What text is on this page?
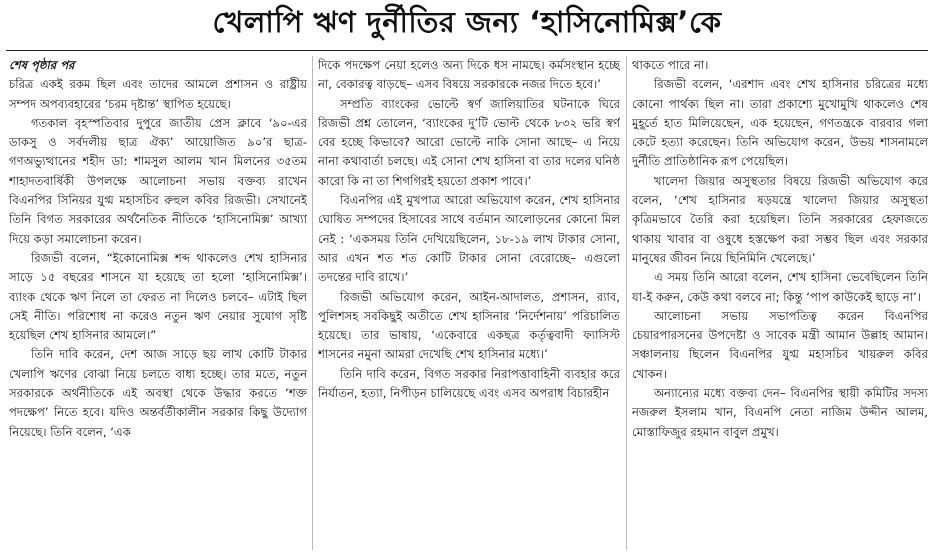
খেলাপি ঋণ দুর্নীতির জন্য ‘হাসিনোমিক্স’কে
শেষ পৃষ্ঠার পর

চরিত্র একই রকম ছিল এবং তাদের আমলে প্রশাসন ও রাষ্ট্রীয় সম্পদ অপব্যবহারের ‘চরম দৃষ্টান্ত’ স্থাপিত হয়েছে।

গতকাল বৃহস্পতিবার দুপুরে জাতীয় প্রেস ক্লাবে ‘৯০-এর ডাকসু ও সর্বদলীয় ছাত্র ঐক্য’ আয়োজিত ৯০’র ছাত্র-গণঅভ্যুত্থানের শহীদ ডা: শামসুল আলম খান মিলনের ৩৫তম শাহাদতবার্ষিকী উপলক্ষে আলোচনা সভায় বক্তব্য রাখেন বিএনপির সিনিয়র যুগ্ম মহাসচিব রুহুল কবির রিজভী। সেখানেই তিনি বিগত সরকারের অর্থনৈতিক নীতিকে ‘হাসিনোমিক্স’ আখ্যা দিয়ে কড়া সমালোচনা করেন।

রিজভী বলেন, “ইকোনোমিক্স শব্দ থাকলেও শেখ হাসিনার সাড়ে ১৫ বছরের শাসনে যা হয়েছে তা হলো ‘হাসিনোমিক্স’। ব্যাংক থেকে ঋণ নিলে তা ফেরত না দিলেও চলবে– এটাই ছিল সেই নীতি। পরিশোধ না করেও নতুন ঋণ নেয়ার সুযোগ সৃষ্টি হয়েছিল শেখ হাসিনার আমলে।”

তিনি দাবি করেন, দেশ আজ সাড়ে ছয় লাখ কোটি টাকার খেলাপি ঋণের বোঝা নিয়ে চলতে বাধ্য হচ্ছে। তার মতে, নতুন সরকারকে অর্থনীতিকে এই অবস্থা থেকে উদ্ধার করতে ‘শক্ত পদক্ষেপ’ নিতে হবে। যদিও অন্তর্বর্তীকালীন সরকার কিছু উদ্যোগ নিয়েছে। তিনি বলেন, ‘এক

দিকে পদক্ষেপ নেয়া হলেও অন্য দিকে ধস নামছে। কর্মসংস্থান হচ্ছে না, বেকারত্ব বাড়ছে– এসব বিষয়ে সরকারকে নজর দিতে হবে।’

সম্প্রতি ব্যাংকের ভোল্টে স্বর্ণ জালিয়াতির ঘটনাকে ঘিরে রিজভী প্রশ্ন তোলেন, ‘ব্যাংকের দু’টি ভোল্ট থেকে ৮৩২ ভরি স্বর্ণ বের হচ্ছে কিভাবে? আরো ভোল্টে নাকি সোনা আছে– এ নিয়ে নানা কথাবার্তা চলছে। এই সোনা শেখ হাসিনা বা তার দলের ঘনিষ্ঠ কারো কি না তা শিগগিরই হয়তো প্রকাশ পাবে।’

বিএনপির এই মুখপাত্র আরো অভিযোগ করেন, শেখ হাসিনার ঘোষিত সম্পদের হিসাবের সাথে বর্তমান আলোড়নের কোনো মিল নেই : ‘একসময় তিনি দেখিয়েছিলেন, ১৮-১৯ লাখ টাকার সোনা, আর এখন শত শত কোটি টাকার সোনা বেরোচ্ছে– এগুলো তদন্তের দাবি রাখে।’

রিজভী অভিযোগ করেন, আইন-আদালত, প্রশাসন, র‌্যাব, পুলিশসহ সবকিছুই অতীতে শেখ হাসিনার ‘নির্দেশনায়’ পরিচালিত হয়েছে। তার ভাষায়, ‘একেবারে একছত্র কর্তৃত্ববাদী ফ্যাসিস্ট শাসনের নমুনা আমরা দেখেছি শেখ হাসিনার মধ্যে।’

তিনি দাবি করেন, বিগত সরকার নিরাপত্তাবাহিনী ব্যবহার করে নির্যাতন, হত্যা, নিপীড়ন চালিয়েছে এবং এসব অপরাধ বিচারহীন

থাকতে পারে না।

রিজভী বলেন, ‘এরশাদ এবং শেখ হাসিনার চরিত্রের মধ্যে কোনো পার্থক্য ছিল না। তারা প্রকাশ্যে মুখোমুখি থাকলেও শেষ মুহূর্তে হাত মিলিয়েছেন, এক হয়েছেন, গণতন্ত্রকে বারবার গলা কেটে হত্যা করেছেন। তিনি অভিযোগ করেন, উভয় শাসনামলে দুর্নীতি প্রাতিষ্ঠানিক রূপ পেয়েছিল।

খালেদা জিয়ার অসুস্থতার বিষয়ে রিজভী অভিযোগ করে বলেন, ‘শেখ হাসিনার ষড়যন্ত্রে খালেদা জিয়ার অসুস্থতা কৃত্রিমভাবে তৈরি করা হয়েছিল। তিনি সরকারের হেফাজতে থাকায় খাবার বা ওষুধে হস্তক্ষেপ করা সম্ভব ছিল এবং সরকার মানুষের জীবন নিয়ে ছিনিমিনি খেলেছে।’

এ সময় তিনি আরো বলেন, শেখ হাসিনা ভেবেছিলেন তিনি যা-ই করুন, কেউ কথা বলবে না; কিন্তু ‘পাপ কাউকেই ছাড়ে না’।

আলোচনা সভায় সভাপতিত্ব করেন বিএনপির চেয়ারপারসনের উপদেষ্টা ও সাবেক মন্ত্রী আমান উল্লাহ আমান। সঞ্চালনায় ছিলেন বিএনপির যুগ্ম মহাসচিব খায়রুল কবির খোকন।

অন্যান্যের মধ্যে বক্তব্য দেন– বিএনপির স্থায়ী কমিটির সদস্য নজরুল ইসলাম খান, বিএনপি নেতা নাজিম উদ্দীন আলম, মোস্তাফিজুর রহমান বাবুল প্রমুখ।
